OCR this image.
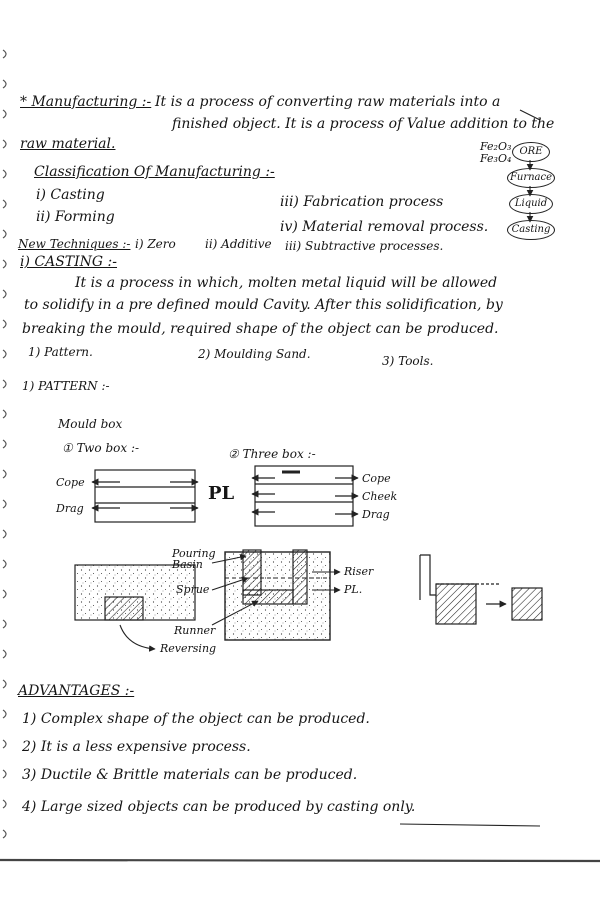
* Manufacturing :- It is a process of converting raw materials into a
finished object. It is a process of Value addition to the
raw material.	Fe₂O₃
Fe₃O₄
ORE
Furnace
Liquid
Casting
Classification Of Manufacturing :-
i) Casting
ii) Forming
iii) Fabrication process
iv) Material removal process.
New Techniques :- i) Zero ii) Additive iii) Subtractive processes.
i) CASTING :-
It is a process in which, molten metal liquid will be allowed
to solidify in a pre defined mould Cavity. After this solidification, by
breaking the mould, required shape of the object can be produced.
1) Pattern.	2) Moulding Sand.	3) Tools.
1) PATTERN :-
Mould box
① Two box :-	② Three box :-
Cope
Drag
PL
Cope
Cheek
Drag
Pouring Basin
Sprue
Runner
Riser
PL.
Reversing
ADVANTAGES :-
1) Complex shape of the object can be produced.
2) It is a less expensive process.
3) Ductile & Brittle materials can be produced.
4) Large sized objects can be produced by casting only.
